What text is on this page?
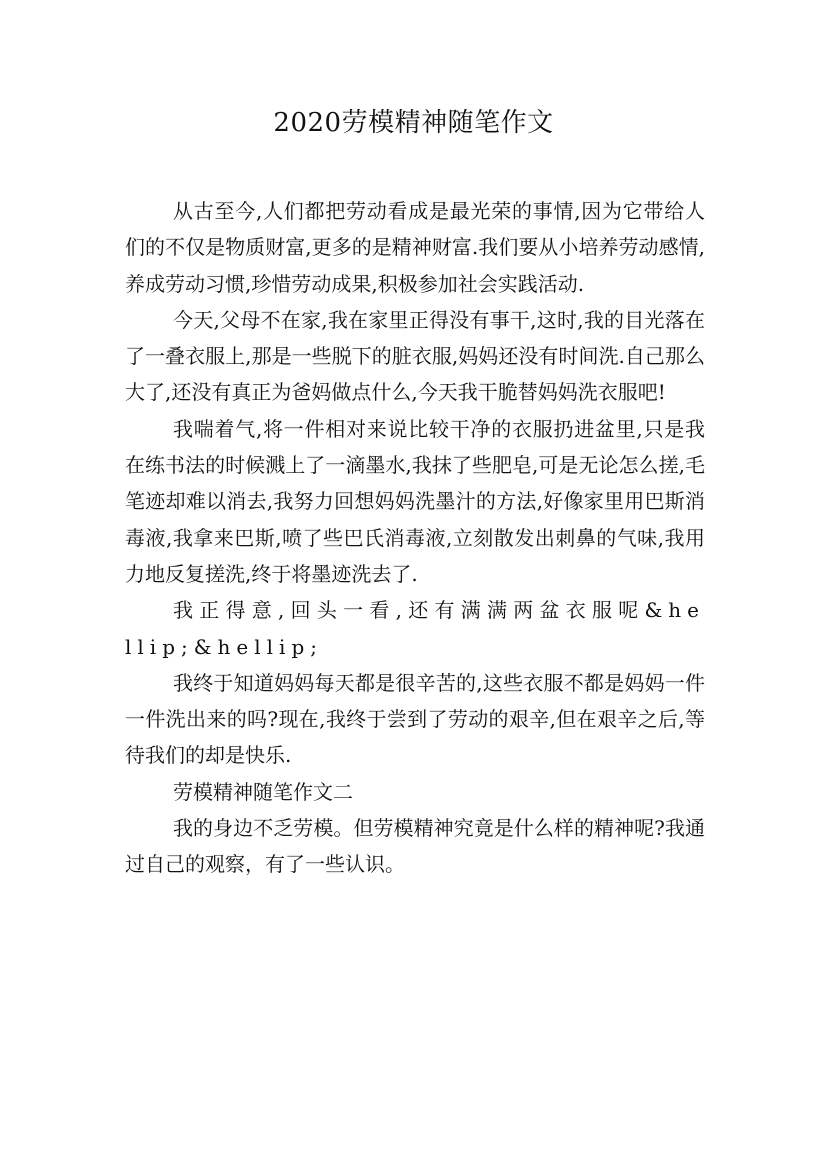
2020劳模精神随笔作文

从古至今,人们都把劳动看成是最光荣的事情,因为它带给人们的不仅是物质财富,更多的是精神财富.我们要从小培养劳动感情,养成劳动习惯,珍惜劳动成果,积极参加社会实践活动.

今天,父母不在家,我在家里正得没有事干,这时,我的目光落在了一叠衣服上,那是一些脱下的脏衣服,妈妈还没有时间洗.自己那么大了,还没有真正为爸妈做点什么,今天我干脆替妈妈洗衣服吧!

我喘着气,将一件相对来说比较干净的衣服扔进盆里,只是我在练书法的时候溅上了一滴墨水,我抹了些肥皂,可是无论怎么搓,毛笔迹却难以消去,我努力回想妈妈洗墨汁的方法,好像家里用巴斯消毒液,我拿来巴斯,喷了些巴氏消毒液,立刻散发出刺鼻的气味,我用力地反复搓洗,终于将墨迹洗去了.

我正得意,回头一看,还有满满两盆衣服呢&hellip;&hellip;

我终于知道妈妈每天都是很辛苦的,这些衣服不都是妈妈一件一件洗出来的吗?现在,我终于尝到了劳动的艰辛,但在艰辛之后,等待我们的却是快乐.

劳模精神随笔作文二

我的身边不乏劳模。但劳模精神究竟是什么样的精神呢?我通过自己的观察，有了一些认识。
